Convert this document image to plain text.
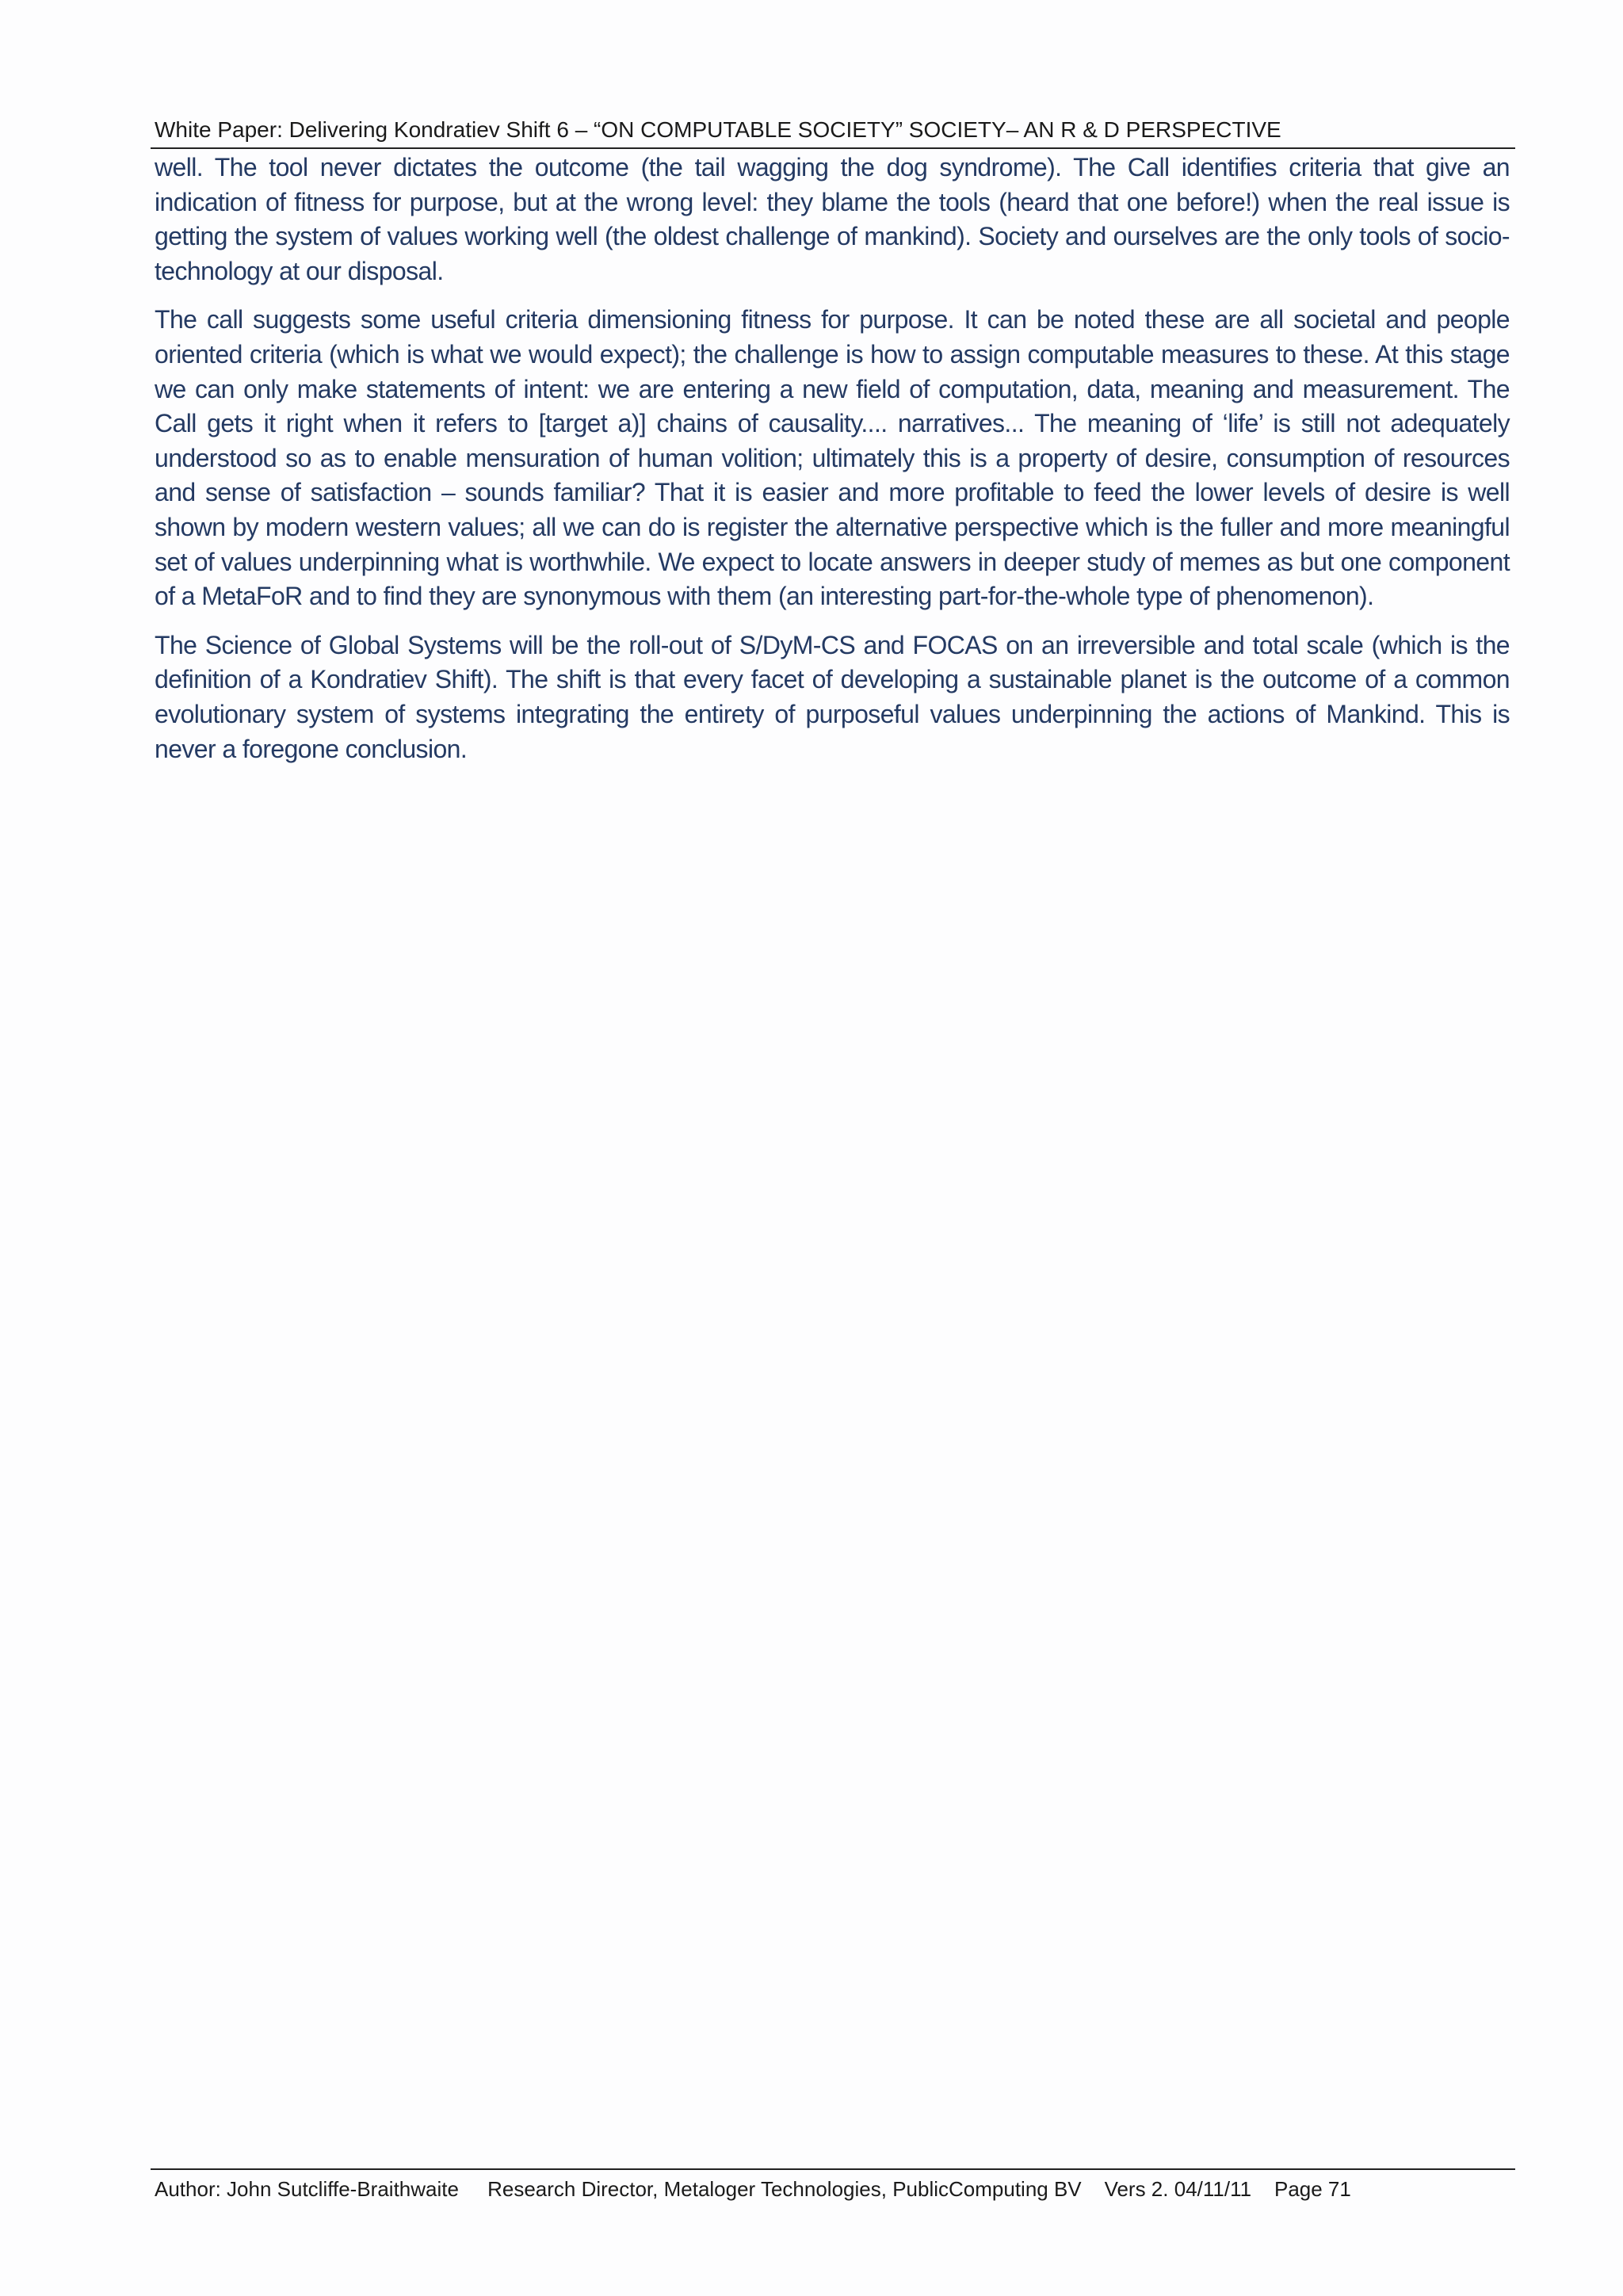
White Paper: Delivering Kondratiev Shift 6 – “ON COMPUTABLE SOCIETY” SOCIETY– AN R & D PERSPECTIVE

well. The tool never dictates the outcome (the tail wagging the dog syndrome). The Call identifies criteria that give an indication of fitness for purpose, but at the wrong level: they blame the tools (heard that one before!) when the real issue is getting the system of values working well (the oldest challenge of mankind). Society and ourselves are the only tools of socio-technology at our disposal.

The call suggests some useful criteria dimensioning fitness for purpose. It can be noted these are all societal and people oriented criteria (which is what we would expect); the challenge is how to assign computable measures to these. At this stage we can only make statements of intent: we are entering a new field of computation, data, meaning and measurement. The Call gets it right when it refers to [target a)] chains of causality.... narratives... The meaning of ‘life’ is still not adequately understood so as to enable mensuration of human volition; ultimately this is a property of desire, consumption of resources and sense of satisfaction – sounds familiar? That it is easier and more profitable to feed the lower levels of desire is well shown by modern western values; all we can do is register the alternative perspective which is the fuller and more meaningful set of values underpinning what is worthwhile. We expect to locate answers in deeper study of memes as but one component of a MetaFoR and to find they are synonymous with them (an interesting part-for-the-whole type of phenomenon).

The Science of Global Systems will be the roll-out of S/DyM-CS and FOCAS on an irreversible and total scale (which is the definition of a Kondratiev Shift). The shift is that every facet of developing a sustainable planet is the outcome of a common evolutionary system of systems integrating the entirety of purposeful values underpinning the actions of Mankind. This is never a foregone conclusion.

Author: John Sutcliffe-Braithwaite Research Director, Metaloger Technologies, PublicComputing BV Vers 2. 04/11/11 Page 71
